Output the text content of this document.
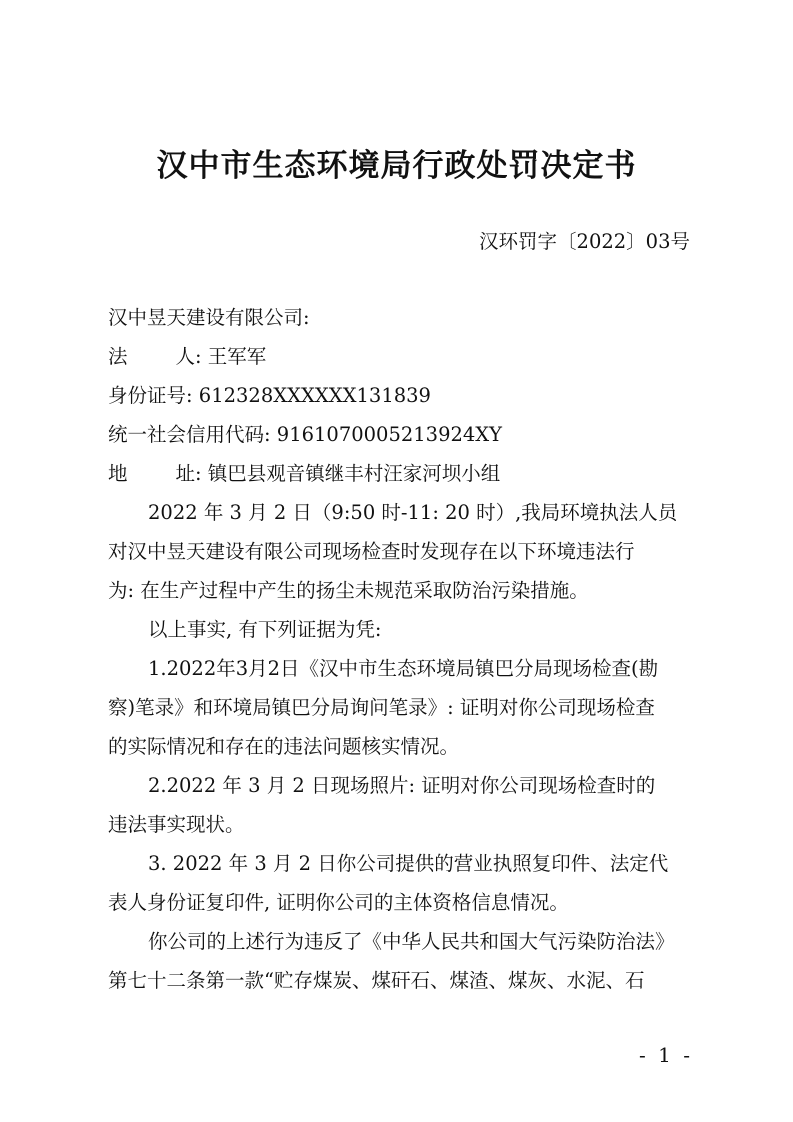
汉中市生态环境局行政处罚决定书
汉环罚字〔2022〕03号
汉中昱天建设有限公司:
法 人: 王军军
身份证号: 612328XXXXXX131839
统一社会信用代码: 9161070005213924XY
地 址: 镇巴县观音镇继丰村汪家河坝小组
2022 年 3 月 2 日（9:50 时-11: 20 时）,我局环境执法人员
对汉中昱天建设有限公司现场检查时发现存在以下环境违法行
为: 在生产过程中产生的扬尘未规范采取防治污染措施。
以上事实, 有下列证据为凭:
1.2022年3月2日《汉中市生态环境局镇巴分局现场检查(勘
察)笔录》和环境局镇巴分局询问笔录》: 证明对你公司现场检查
的实际情况和存在的违法问题核实情况。
2.2022 年 3 月 2 日现场照片: 证明对你公司现场检查时的
违法事实现状。
3. 2022 年 3 月 2 日你公司提供的营业执照复印件、法定代
表人身份证复印件, 证明你公司的主体资格信息情况。
你公司的上述行为违反了《中华人民共和国大气污染防治法》
第七十二条第一款“贮存煤炭、煤矸石、煤渣、煤灰、水泥、石
- 1 -
